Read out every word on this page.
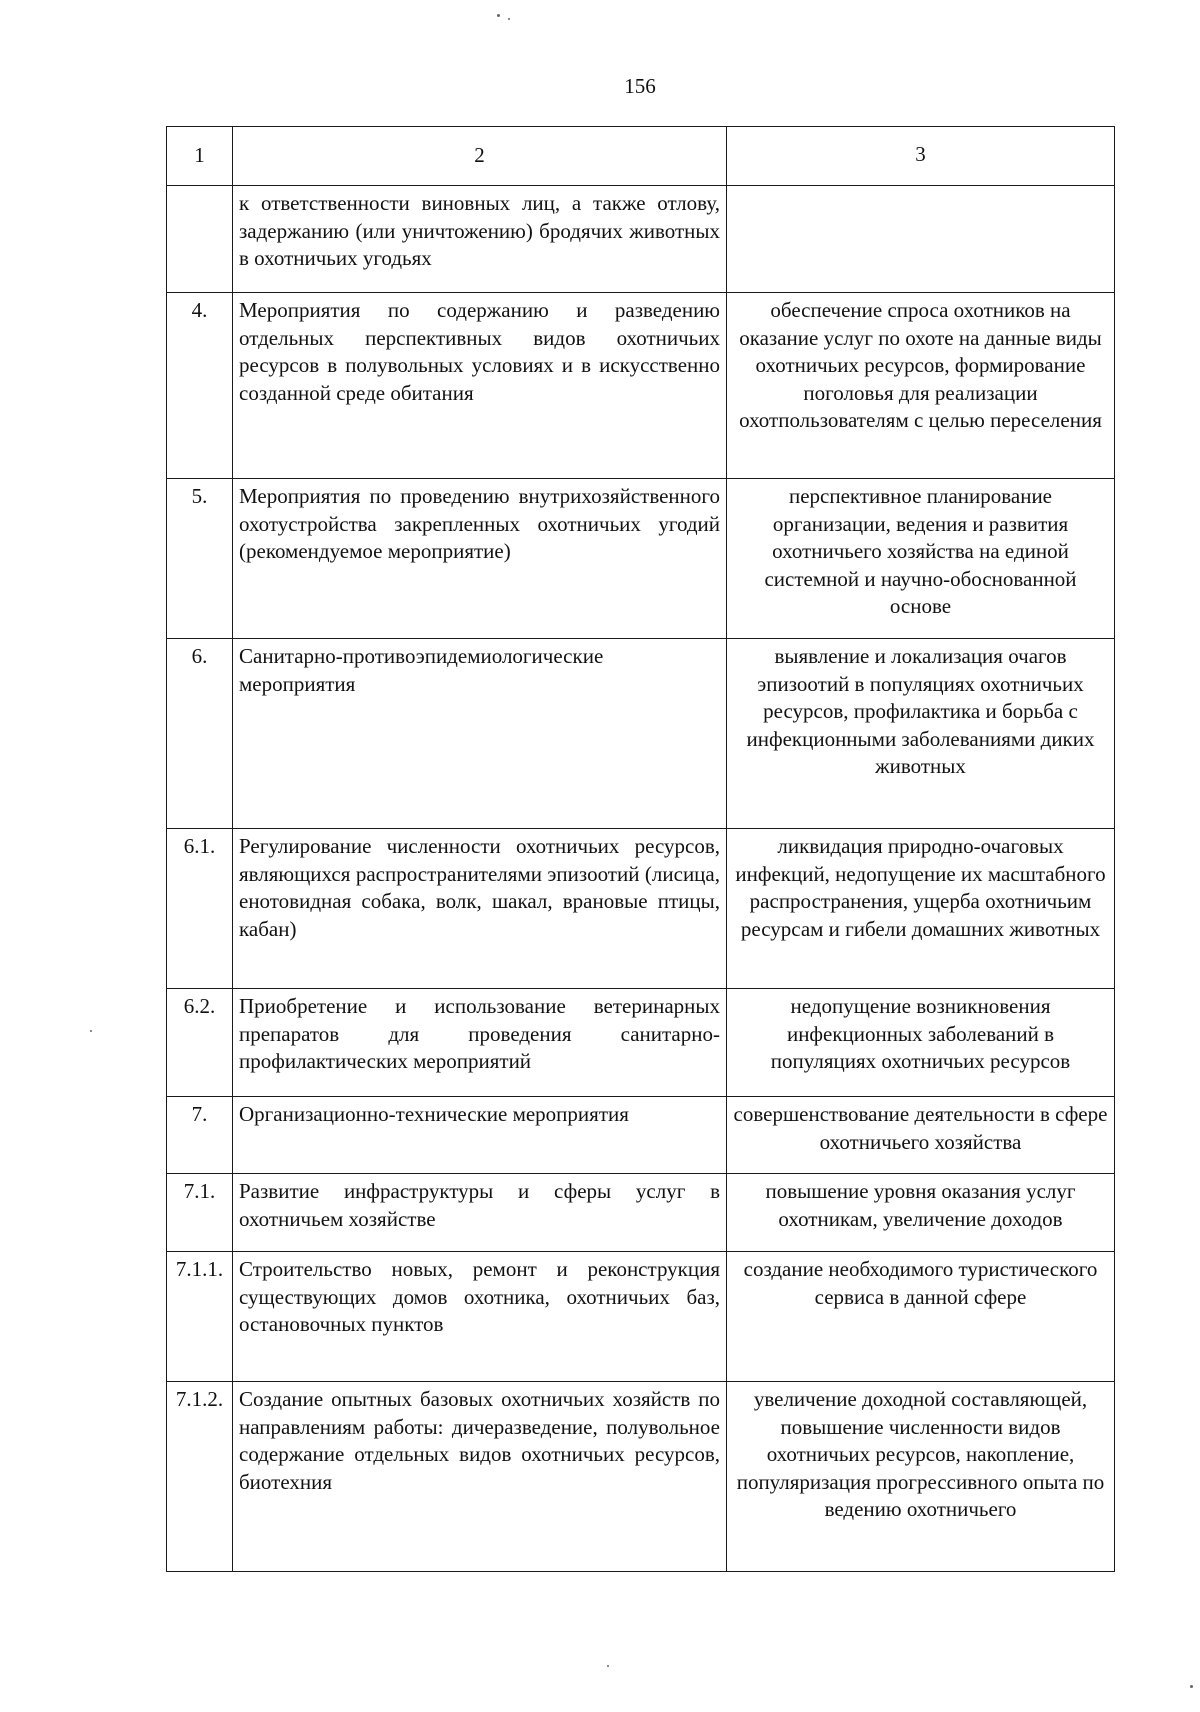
156
1	2	3
	к ответственности виновных лиц, а также отлову, задержанию (или уничтожению) бродячих животных в охотничьих угодьях	
4.	Мероприятия по содержанию и разведению отдельных перспективных видов охотничьих ресурсов в полувольных условиях и в искусственно созданной среде обитания	обеспечение спроса охотников на оказание услуг по охоте на данные виды охотничьих ресурсов, формирование поголовья для реализации охотпользователям с целью переселения
5.	Мероприятия по проведению внутрихозяйственного охотустройства закрепленных охотничьих угодий (рекомендуемое мероприятие)	перспективное планирование организации, ведения и развития охотничьего хозяйства на единой системной и научно-обоснованной основе
6.	Санитарно-противоэпидемиологические мероприятия	выявление и локализация очагов эпизоотий в популяциях охотничьих ресурсов, профилактика и борьба с инфекционными заболеваниями диких животных
6.1.	Регулирование численности охотничьих ресурсов, являющихся распространителями эпизоотий (лисица, енотовидная собака, волк, шакал, врановые птицы, кабан)	ликвидация природно-очаговых инфекций, недопущение их масштабного распространения, ущерба охотничьим ресурсам и гибели домашних животных
6.2.	Приобретение и использование ветеринарных препаратов для проведения санитарно-профилактических мероприятий	недопущение возникновения инфекционных заболеваний в популяциях охотничьих ресурсов
7.	Организационно-технические мероприятия	совершенствование деятельности в сфере охотничьего хозяйства
7.1.	Развитие инфраструктуры и сферы услуг в охотничьем хозяйстве	повышение уровня оказания услуг охотникам, увеличение доходов
7.1.1.	Строительство новых, ремонт и реконструкция существующих домов охотника, охотничьих баз, остановочных пунктов	создание необходимого туристического сервиса в данной сфере
7.1.2.	Создание опытных базовых охотничьих хозяйств по направлениям работы: дичеразведение, полувольное содержание отдельных видов охотничьих ресурсов, биотехния	увеличение доходной составляющей, повышение численности видов охотничьих ресурсов, накопление, популяризация прогрессивного опыта по ведению охотничьего
